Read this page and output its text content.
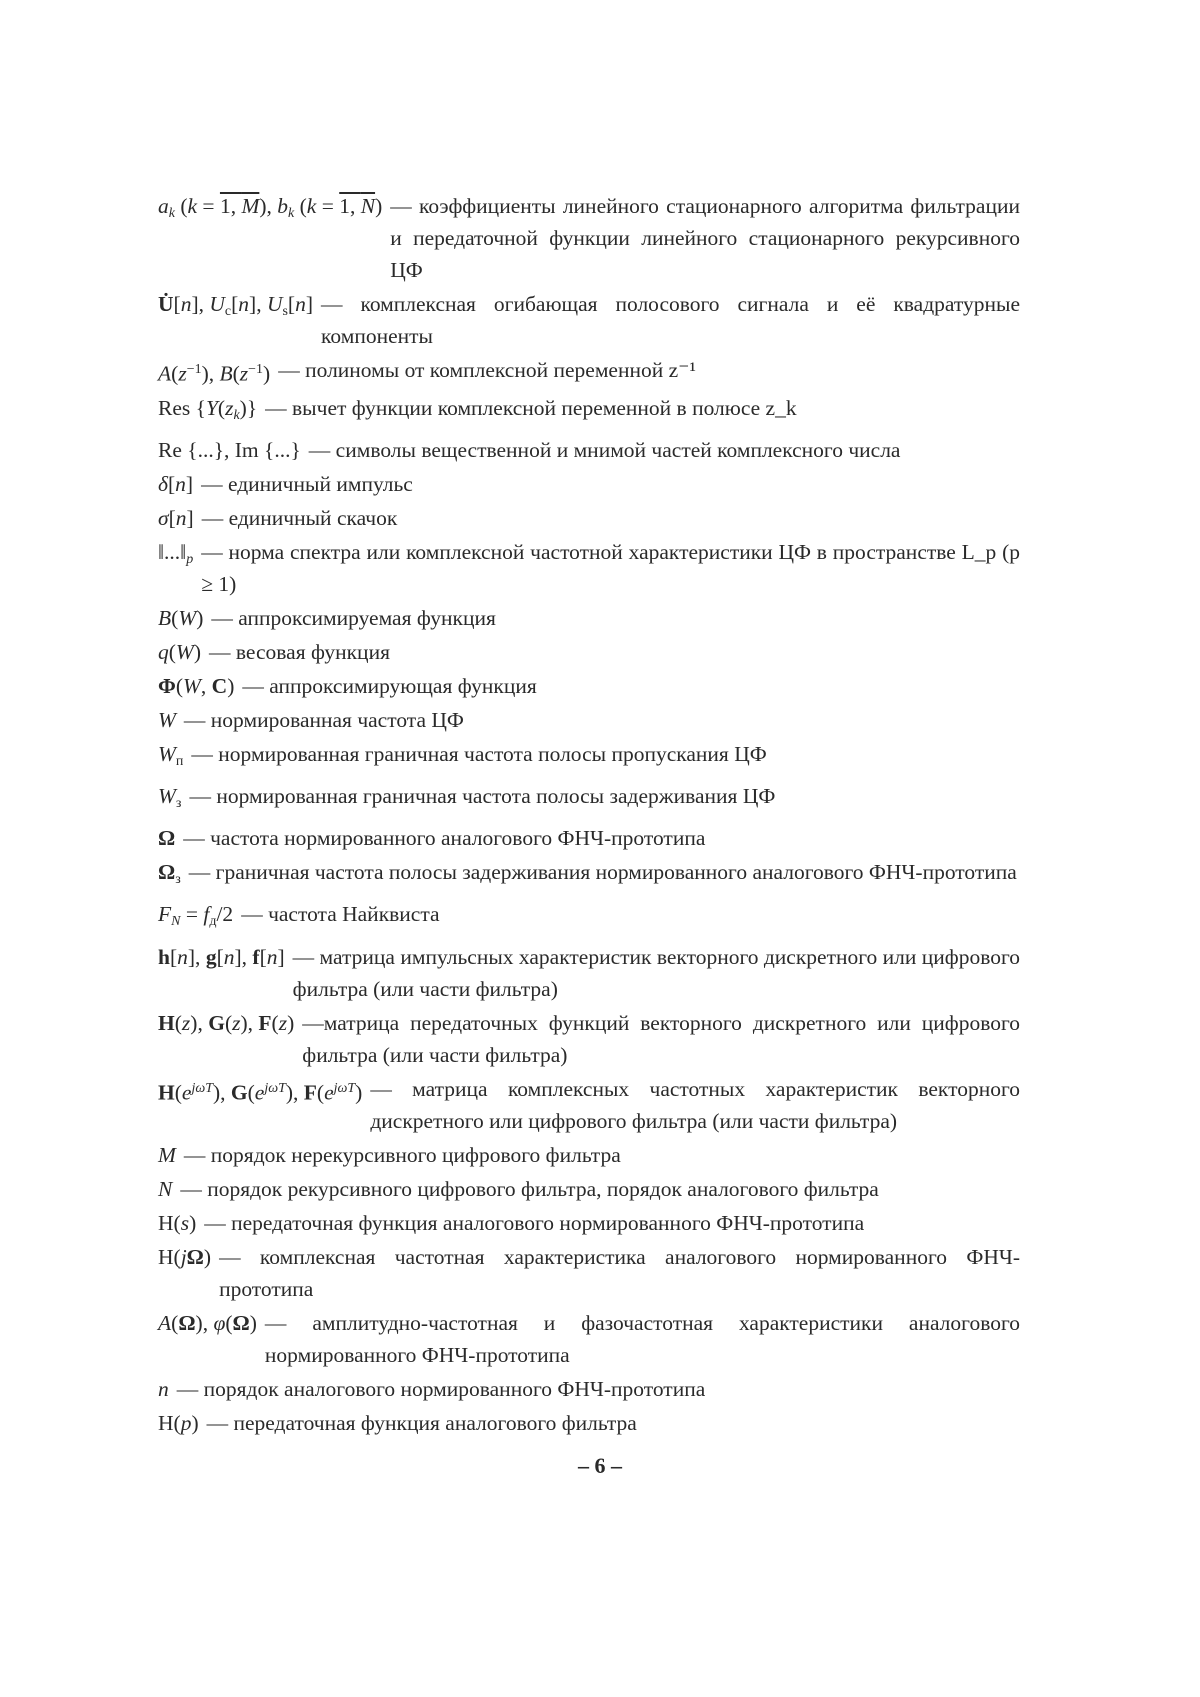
$a_k$ (k = 1, M), $b_k$ (k = 1, N) — коэффициенты линейного стационарного алгоритма фильтрации и передаточной функции линейного стационарного рекурсивного ЦФ
U̇[n], $U_c[n]$, $U_s[n]$ — комплексная огибающая полосового сигнала и её квадратурные компоненты
$A(z^{-1})$, $B(z^{-1})$ — полиномы от комплексной переменной z⁻¹
Res $\{Y(z_k)\}$ — вычет функции комплексной переменной в полюсе z_k
Re {...}, Im {...} — символы вещественной и мнимой частей комплексного числа
δ[n] — единичный импульс
σ[n] — единичный скачок
$‖...‖_p$ — норма спектра или комплексной частотной характеристики ЦФ в пространстве L_p (p ≥ 1)
B(W) — аппроксимируемая функция
q(W) — весовая функция
Φ(W, C) — аппроксимирующая функция
W — нормированная частота ЦФ
$W_п$ — нормированная граничная частота полосы пропускания ЦФ
$W_з$ — нормированная граничная частота полосы задерживания ЦФ
Ω — частота нормированного аналогового ФНЧ-прототипа
$\Omega_з$ — граничная частота полосы задерживания нормированного аналогового ФНЧ-прототипа
$F_N = f_д/2$ — частота Найквиста
h[n], g[n], f[n] — матрица импульсных характеристик векторного дискретного или цифрового фильтра (или части фильтра)
H(z), G(z), F(z) —матрица передаточных функций векторного дискретного или цифрового фильтра (или части фильтра)
$H(e^{j\omega T})$, $G(e^{j\omega T})$, $F(e^{j\omega T})$ — матрица комплексных частотных характеристик векторного дискретного или цифрового фильтра (или части фильтра)
M — порядок нерекурсивного цифрового фильтра
N — порядок рекурсивного цифрового фильтра, порядок аналогового фильтра
H(s) — передаточная функция аналогового нормированного ФНЧ-прототипа
H(jΩ) — комплексная частотная характеристика аналогового нормированного ФНЧ-прототипа
A(Ω), φ(Ω) — амплитудно-частотная и фазочастотная характеристики аналогового нормированного ФНЧ-прототипа
n — порядок аналогового нормированного ФНЧ-прототипа
H(p) — передаточная функция аналогового фильтра
– 6 –
